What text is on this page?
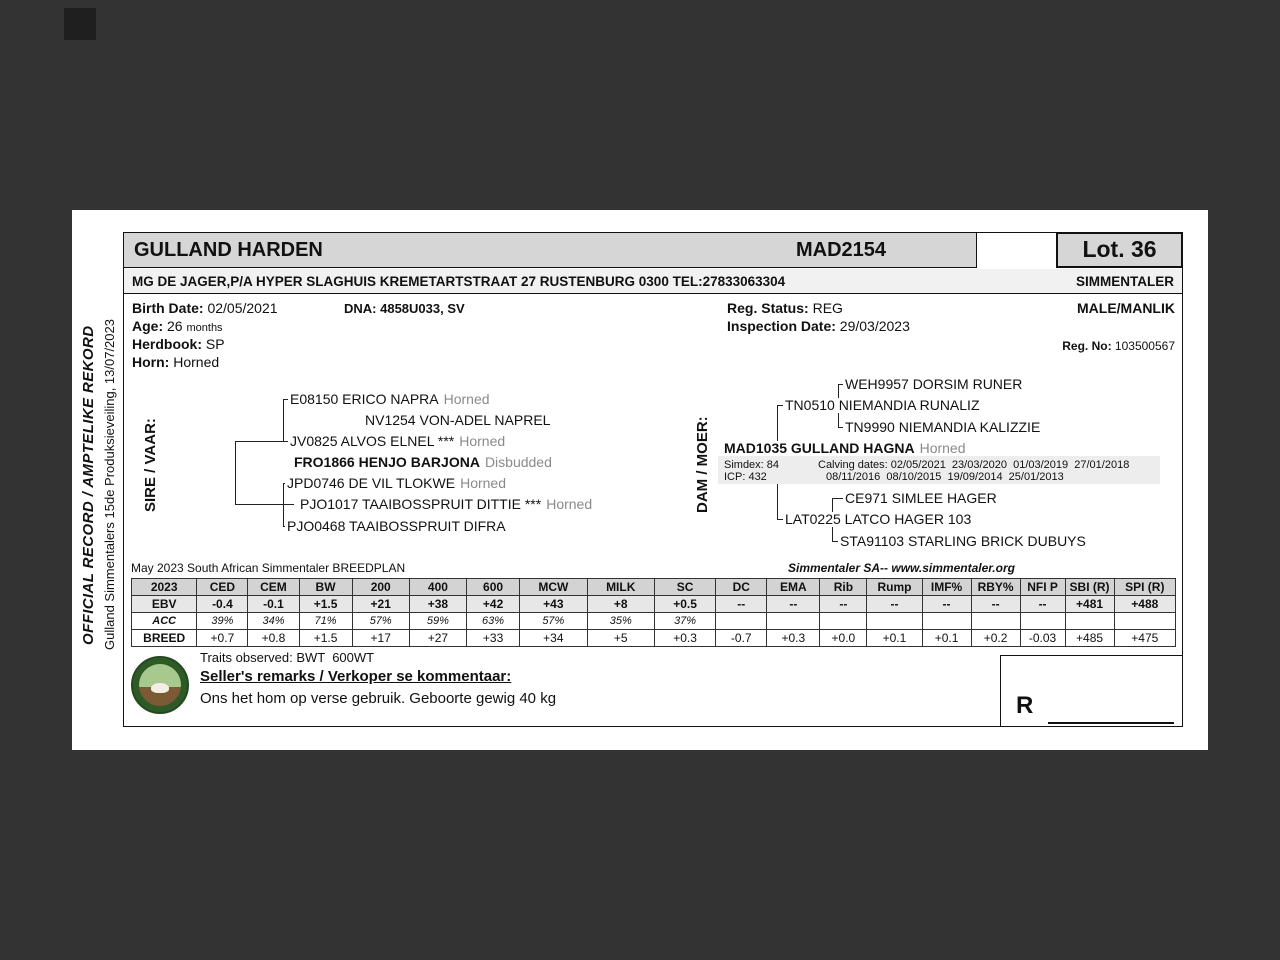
OFFICIAL RECORD / AMPTELIKE REKORD Gulland Simmentalers 15de Produksieveiling, 13/07/2023
GULLAND HARDEN	MAD2154	Lot. 36
MG DE JAGER,P/A HYPER SLAGHUIS KREMETARTSTRAAT 27 RUSTENBURG 0300 TEL:27833063304	SIMMENTALER
Birth Date: 02/05/2021	DNA: 4858U033, SV	Reg. Status: REG	MALE/MANLIK
Age: 26 months	Inspection Date: 29/03/2023
Herdbook: SP	Reg. No: 103500567
Horn: Horned
SIRE / VAAR:	DAM / MOER:
E08150 ERICO NAPRA Horned
NV1254 VON-ADEL NAPREL
JV0825 ALVOS ELNEL *** Horned
FRO1866 HENJO BARJONA Disbudded
JPD0746 DE VIL TLOKWE Horned
PJO1017 TAAIBOSSPRUIT DITTIE *** Horned
PJO0468 TAAIBOSSPRUIT DIFRA
WEH9957 DORSIM RUNER
TN0510 NIEMANDIA RUNALIZ
TN9990 NIEMANDIA KALIZZIE
MAD1035 GULLAND HAGNA Horned
CE971 SIMLEE HAGER
LAT0225 LATCO HAGER 103
STA91103 STARLING BRICK DUBUYS
Simdex: 84
ICP: 432
Calving dates: 02/05/2021  23/03/2020  01/03/2019  27/01/2018
08/11/2016  08/10/2015  19/09/2014  25/01/2013
May 2023 South African Simmentaler BREEDPLAN	Simmentaler SA-- www.simmentaler.org
2023	CED	CEM	BW	200	400	600	MCW	MILK	SC	DC	EMA	Rib	Rump	IMF%	RBY%	NFI P	SBI (R)	SPI (R)
EBV	-0.4	-0.1	+1.5	+21	+38	+42	+43	+8	+0.5	--	--	--	--	--	--	--	+481	+488
ACC	39%	34%	71%	57%	59%	63%	57%	35%	37%									
BREED	+0.7	+0.8	+1.5	+17	+27	+33	+34	+5	+0.3	-0.7	+0.3	+0.0	+0.1	+0.1	+0.2	-0.03	+485	+475
Traits observed: BWT  600WT
Seller's remarks / Verkoper se kommentaar:
Ons het hom op verse gebruik. Geboorte gewig 40 kg	R
